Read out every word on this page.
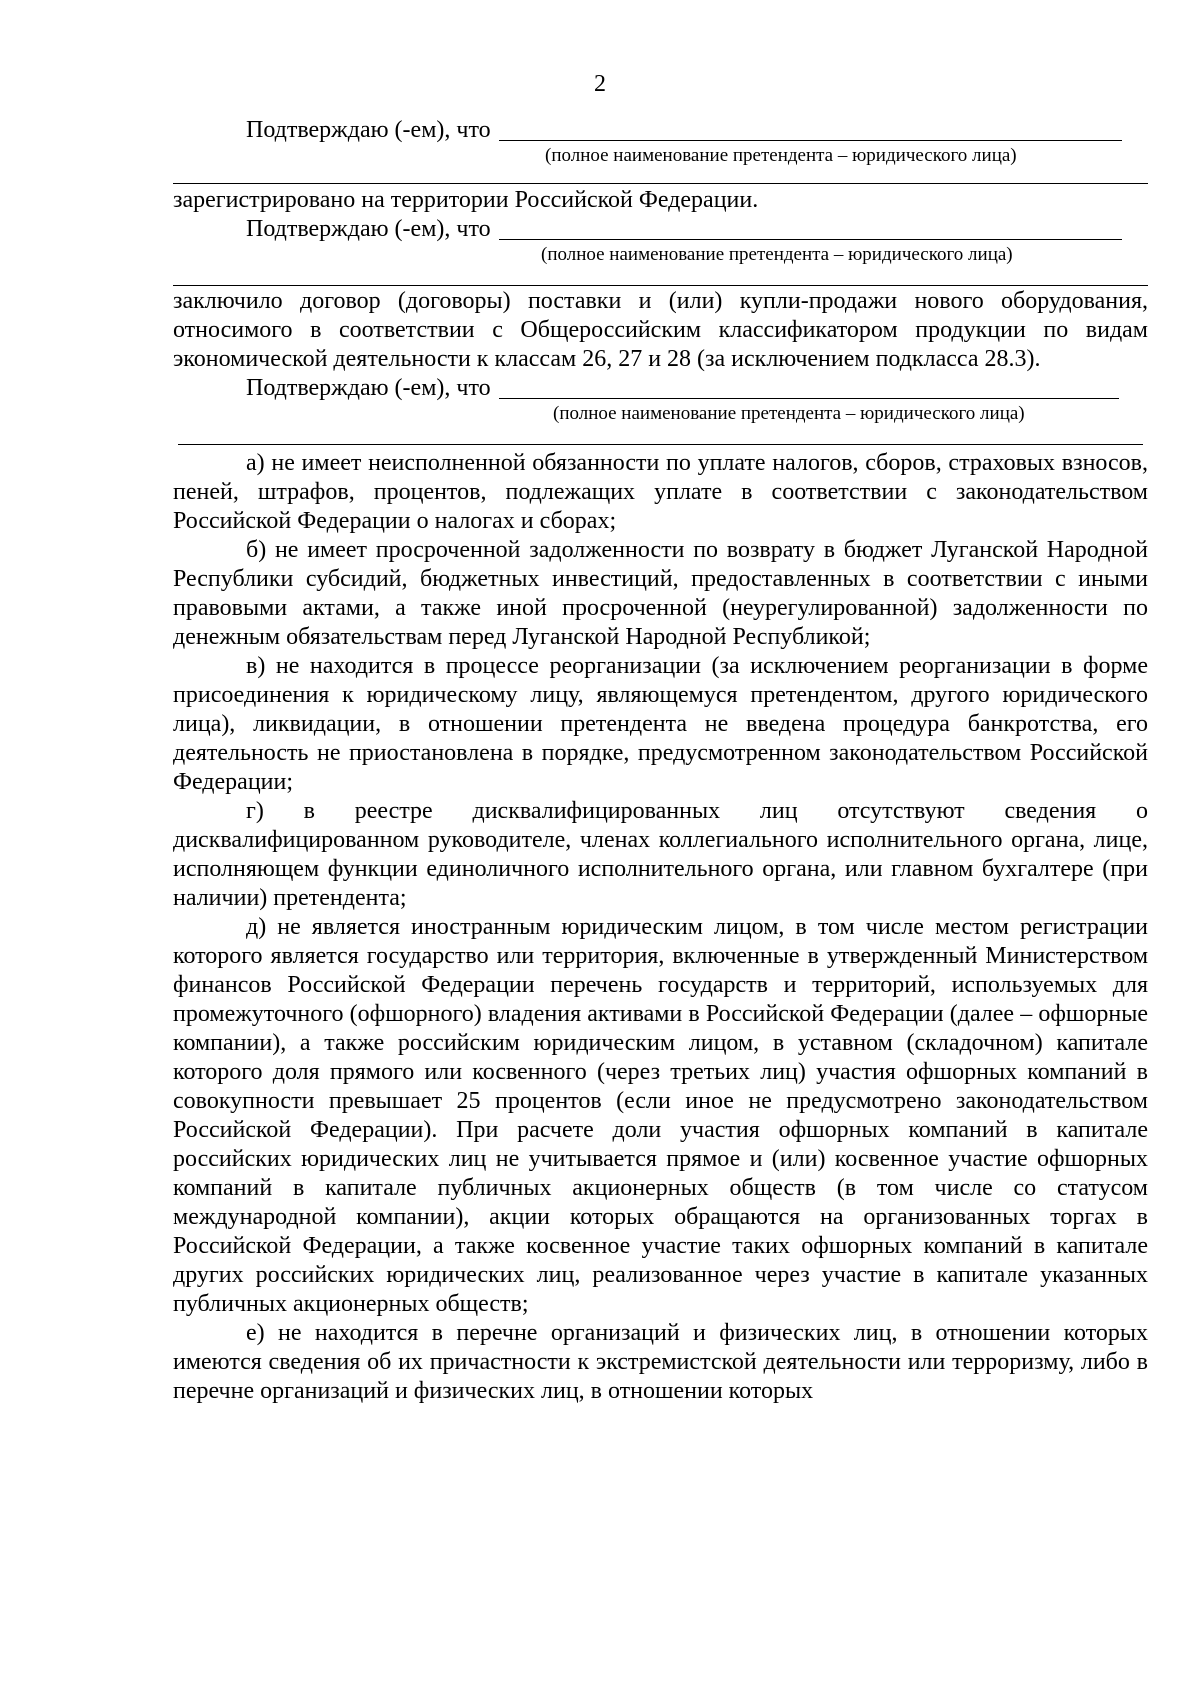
2
Подтверждаю (-ем), что
(полное наименование претендента – юридического лица)

зарегистрировано на территории Российской Федерации.

Подтверждаю (-ем), что
(полное наименование претендента – юридического лица)

заключило договор (договоры) поставки и (или) купли-продажи нового оборудования, относимого в соответствии с Общероссийским классификатором продукции по видам экономической деятельности к классам 26, 27 и 28 (за исключением подкласса 28.3).

Подтверждаю (-ем), что
(полное наименование претендента – юридического лица)

а) не имеет неисполненной обязанности по уплате налогов, сборов, страховых взносов, пеней, штрафов, процентов, подлежащих уплате в соответствии с законодательством Российской Федерации о налогах и сборах;

б) не имеет просроченной задолженности по возврату в бюджет Луганской Народной Республики субсидий, бюджетных инвестиций, предоставленных в соответствии с иными правовыми актами, а также иной просроченной (неурегулированной) задолженности по денежным обязательствам перед Луганской Народной Республикой;

в) не находится в процессе реорганизации (за исключением реорганизации в форме присоединения к юридическому лицу, являющемуся претендентом, другого юридического лица), ликвидации, в отношении претендента не введена процедура банкротства, его деятельность не приостановлена в порядке, предусмотренном законодательством Российской Федерации;

г) в реестре дисквалифицированных лиц отсутствуют сведения о дисквалифицированном руководителе, членах коллегиального исполнительного органа, лице, исполняющем функции единоличного исполнительного органа, или главном бухгалтере (при наличии) претендента;

д) не является иностранным юридическим лицом, в том числе местом регистрации которого является государство или территория, включенные в утвержденный Министерством финансов Российской Федерации перечень государств и территорий, используемых для промежуточного (офшорного) владения активами в Российской Федерации (далее – офшорные компании), а также российским юридическим лицом, в уставном (складочном) капитале которого доля прямого или косвенного (через третьих лиц) участия офшорных компаний в совокупности превышает 25 процентов (если иное не предусмотрено законодательством Российской Федерации). При расчете доли участия офшорных компаний в капитале российских юридических лиц не учитывается прямое и (или) косвенное участие офшорных компаний в капитале публичных акционерных обществ (в том числе со статусом международной компании), акции которых обращаются на организованных торгах в Российской Федерации, а также косвенное участие таких офшорных компаний в капитале других российских юридических лиц, реализованное через участие в капитале указанных публичных акционерных обществ;

е) не находится в перечне организаций и физических лиц, в отношении которых имеются сведения об их причастности к экстремистской деятельности или терроризму, либо в перечне организаций и физических лиц, в отношении которых
